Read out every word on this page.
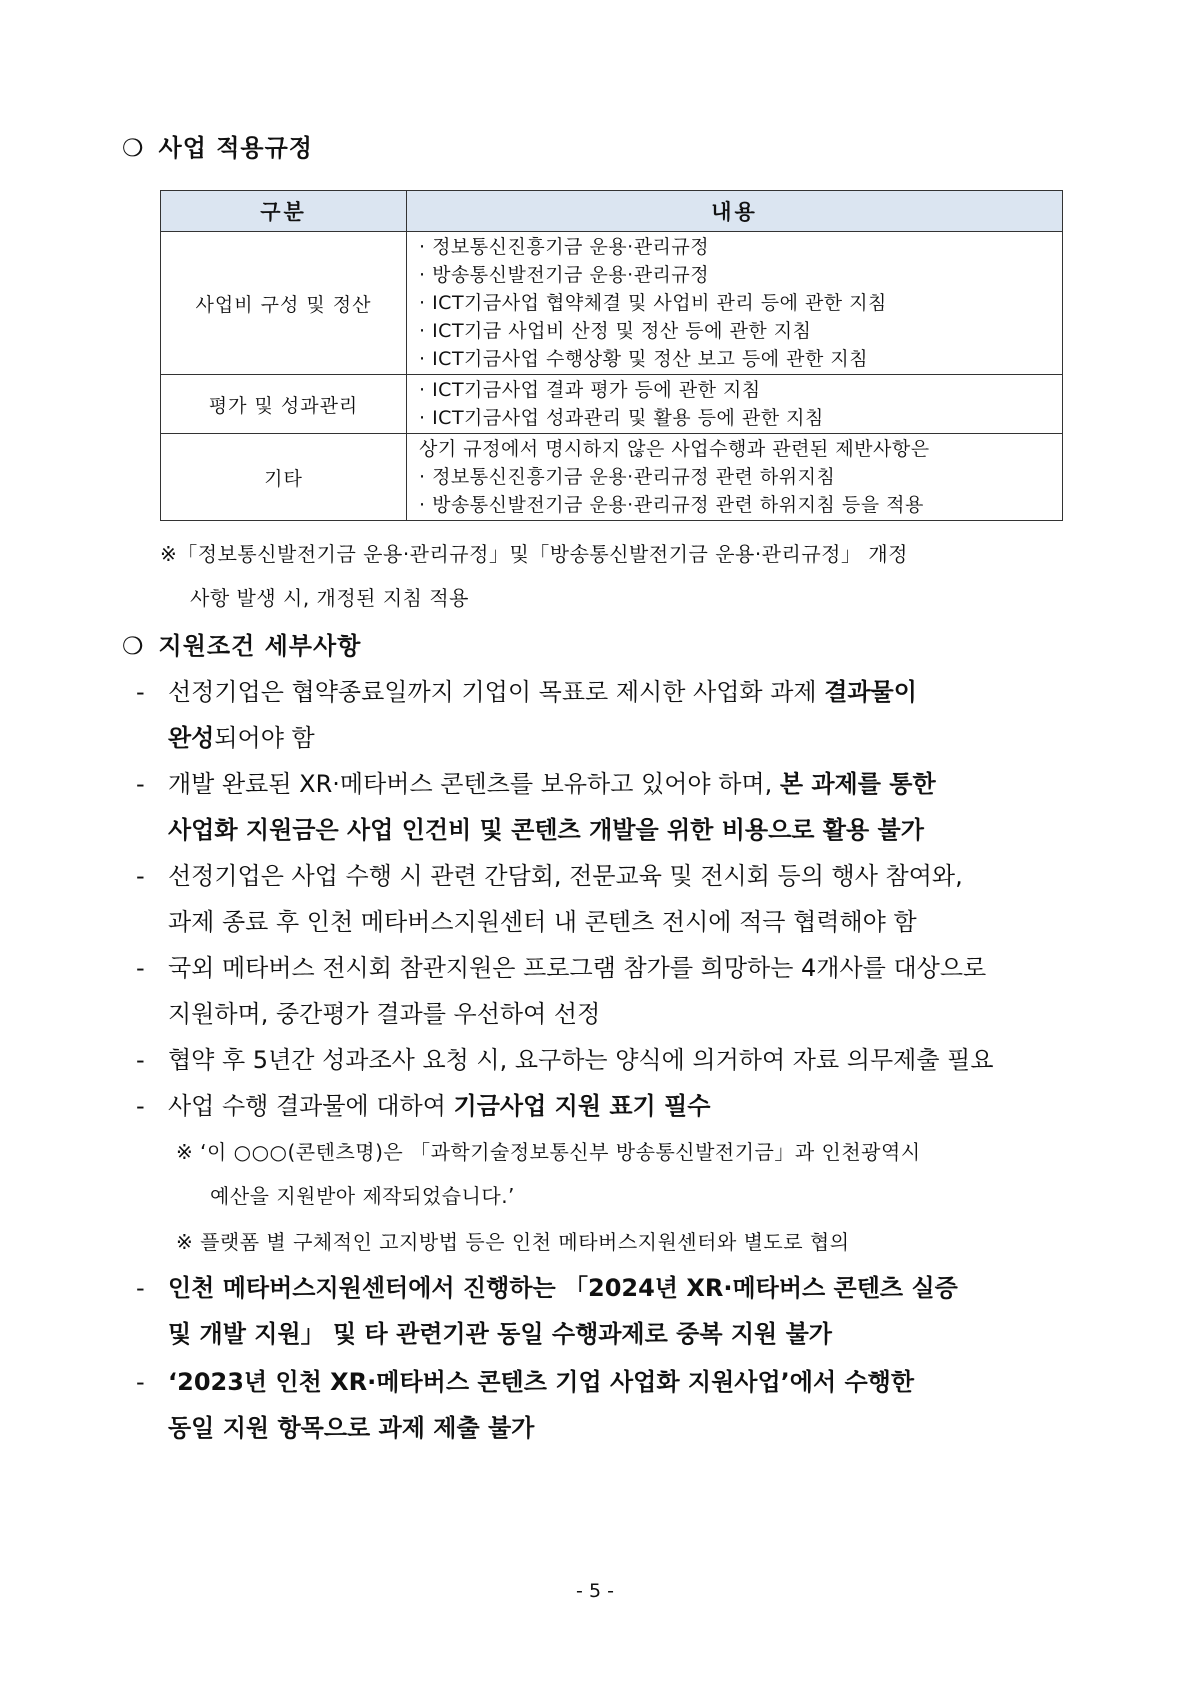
❍ 사업 적용규정
구분	내용
사업비 구성 및 정산	· 정보통신진흥기금 운용·관리규정
· 방송통신발전기금 운용·관리규정
· ICT기금사업 협약체결 및 사업비 관리 등에 관한 지침
· ICT기금 사업비 산정 및 정산 등에 관한 지침
· ICT기금사업 수행상황 및 정산 보고 등에 관한 지침

평가 및 성과관리	· ICT기금사업 결과 평가 등에 관한 지침
· ICT기금사업 성과관리 및 활용 등에 관한 지침

기타	상기 규정에서 명시하지 않은 사업수행과 관련된 제반사항은
· 정보통신진흥기금 운용·관리규정 관련 하위지침
· 방송통신발전기금 운용·관리규정 관련 하위지침 등을 적용
※「정보통신발전기금 운용·관리규정」및「방송통신발전기금 운용·관리규정」 개정
사항 발생 시, 개정된 지침 적용
❍ 지원조건 세부사항
- 선정기업은 협약종료일까지 기업이 목표로 제시한 사업화 과제 결과물이
완성되어야 함
- 개발 완료된 XR·메타버스 콘텐츠를 보유하고 있어야 하며, 본 과제를 통한
사업화 지원금은 사업 인건비 및 콘텐츠 개발을 위한 비용으로 활용 불가
- 선정기업은 사업 수행 시 관련 간담회, 전문교육 및 전시회 등의 행사 참여와,
과제 종료 후 인천 메타버스지원센터 내 콘텐츠 전시에 적극 협력해야 함
- 국외 메타버스 전시회 참관지원은 프로그램 참가를 희망하는 4개사를 대상으로
지원하며, 중간평가 결과를 우선하여 선정
- 협약 후 5년간 성과조사 요청 시, 요구하는 양식에 의거하여 자료 의무제출 필요
- 사업 수행 결과물에 대하여 기금사업 지원 표기 필수
※ ‘이 ○○○(콘텐츠명)은 「과학기술정보통신부 방송통신발전기금」과 인천광역시
예산을 지원받아 제작되었습니다.’
※ 플랫폼 별 구체적인 고지방법 등은 인천 메타버스지원센터와 별도로 협의
- 인천 메타버스지원센터에서 진행하는 「2024년 XR·메타버스 콘텐츠 실증
및 개발 지원」 및 타 관련기관 동일 수행과제로 중복 지원 불가
- ‘2023년 인천 XR·메타버스 콘텐츠 기업 사업화 지원사업’에서 수행한
동일 지원 항목으로 과제 제출 불가
- 5 -
